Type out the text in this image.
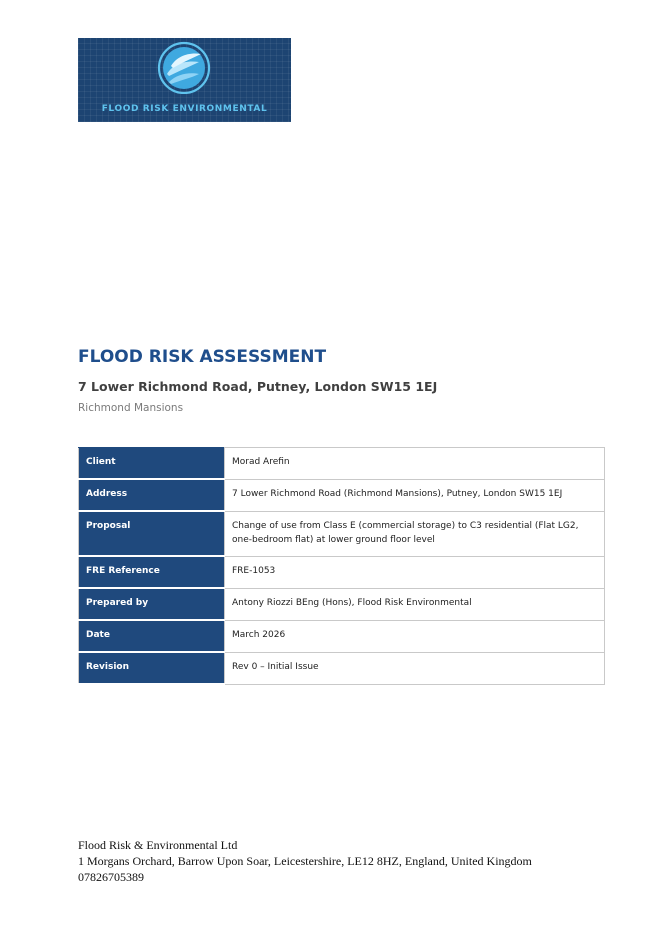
FLOOD RISK ENVIRONMENTAL
FLOOD RISK ASSESSMENT
7 Lower Richmond Road, Putney, London SW15 1EJ

Richmond Mansions

Client	Morad Arefin
Address	7 Lower Richmond Road (Richmond Mansions), Putney, London SW15 1EJ
Proposal	Change of use from Class E (commercial storage) to C3 residential (Flat LG2, one-bedroom flat) at lower ground floor level
FRE Reference	FRE-1053
Prepared by	Antony Riozzi BEng (Hons), Flood Risk Environmental
Date	March 2026
Revision	Rev 0 – Initial Issue
Flood Risk & Environmental Ltd
1 Morgans Orchard, Barrow Upon Soar, Leicestershire, LE12 8HZ, England, United Kingdom
07826705389
